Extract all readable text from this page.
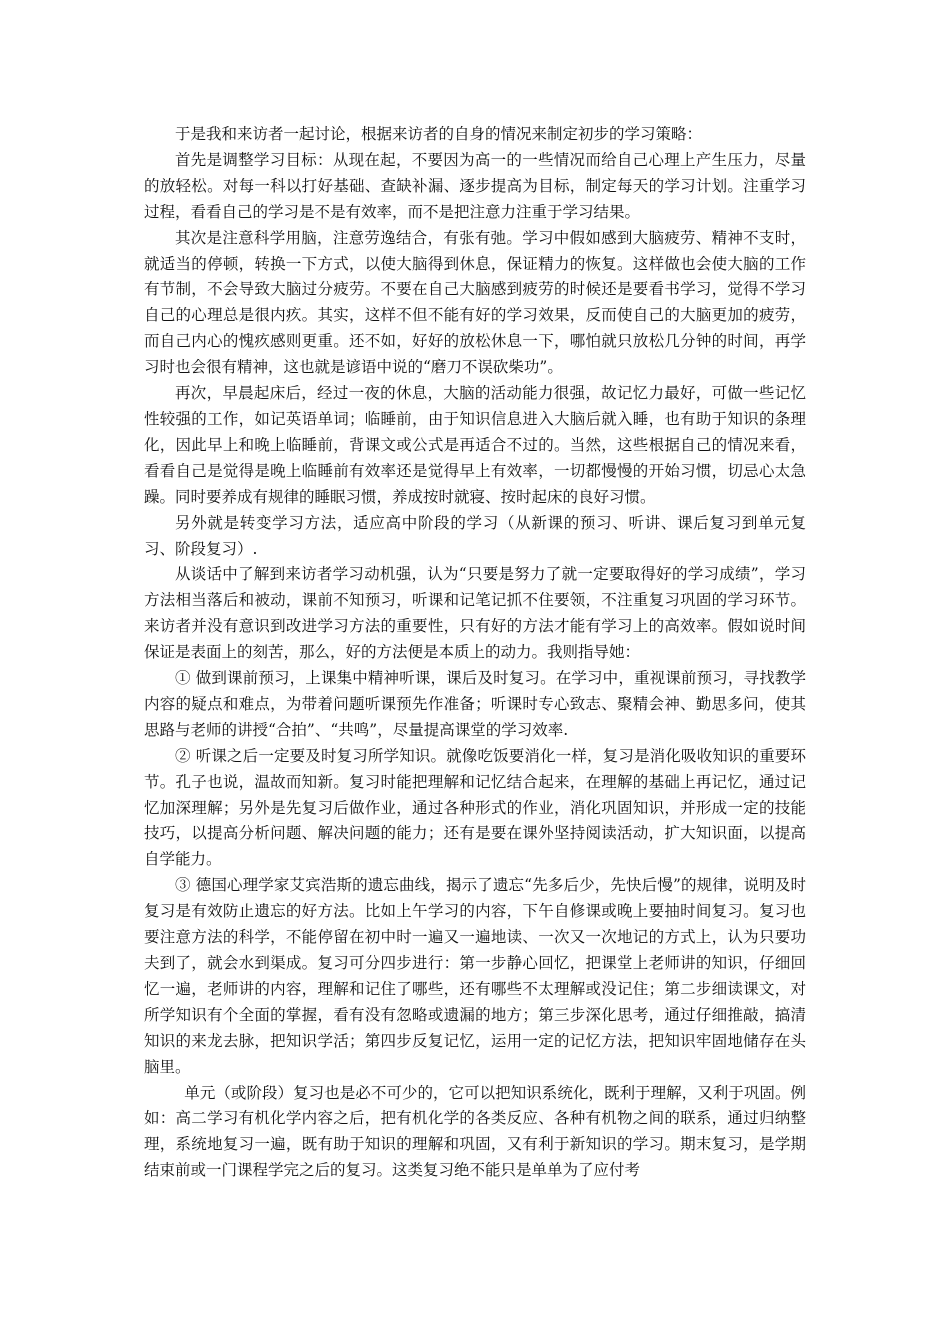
于是我和来访者一起讨论，根据来访者的自身的情况来制定初步的学习策略：

首先是调整学习目标：从现在起，不要因为高一的一些情况而给自己心理上产生压力，尽量的放轻松。对每一科以打好基础、查缺补漏、逐步提高为目标，制定每天的学习计划。注重学习过程，看看自己的学习是不是有效率，而不是把注意力注重于学习结果。

其次是注意科学用脑，注意劳逸结合，有张有弛。学习中假如感到大脑疲劳、精神不支时，就适当的停顿，转换一下方式，以使大脑得到休息，保证精力的恢复。这样做也会使大脑的工作有节制，不会导致大脑过分疲劳。不要在自己大脑感到疲劳的时候还是要看书学习，觉得不学习自己的心理总是很内疚。其实，这样不但不能有好的学习效果，反而使自己的大脑更加的疲劳，而自己内心的愧疚感则更重。还不如，好好的放松休息一下，哪怕就只放松几分钟的时间，再学习时也会很有精神，这也就是谚语中说的“磨刀不误砍柴功”。

再次，早晨起床后，经过一夜的休息，大脑的活动能力很强，故记忆力最好，可做一些记忆性较强的工作，如记英语单词；临睡前，由于知识信息进入大脑后就入睡，也有助于知识的条理化，因此早上和晚上临睡前，背课文或公式是再适合不过的。当然，这些根据自己的情况来看，看看自己是觉得是晚上临睡前有效率还是觉得早上有效率，一切都慢慢的开始习惯，切忌心太急躁。同时要养成有规律的睡眠习惯，养成按时就寝、按时起床的良好习惯。

另外就是转变学习方法，适应高中阶段的学习（从新课的预习、听讲、课后复习到单元复习、阶段复习）.

从谈话中了解到来访者学习动机强，认为“只要是努力了就一定要取得好的学习成绩”，学习方法相当落后和被动，课前不知预习，听课和记笔记抓不住要领，不注重复习巩固的学习环节。来访者并没有意识到改进学习方法的重要性，只有好的方法才能有学习上的高效率。假如说时间保证是表面上的刻苦，那么，好的方法便是本质上的动力。我则指导她：

① 做到课前预习，上课集中精神听课，课后及时复习。在学习中，重视课前预习，寻找教学内容的疑点和难点，为带着问题听课预先作准备；听课时专心致志、聚精会神、勤思多问，使其思路与老师的讲授“合拍”、“共鸣”，尽量提高课堂的学习效率.

② 听课之后一定要及时复习所学知识。就像吃饭要消化一样，复习是消化吸收知识的重要环节。孔子也说，温故而知新。复习时能把理解和记忆结合起来，在理解的基础上再记忆，通过记忆加深理解；另外是先复习后做作业，通过各种形式的作业，消化巩固知识，并形成一定的技能技巧，以提高分析问题、解决问题的能力；还有是要在课外坚持阅读活动，扩大知识面，以提高自学能力。

③ 德国心理学家艾宾浩斯的遗忘曲线，揭示了遗忘“先多后少，先快后慢”的规律，说明及时复习是有效防止遗忘的好方法。比如上午学习的内容，下午自修课或晚上要抽时间复习。复习也要注意方法的科学，不能停留在初中时一遍又一遍地读、一次又一次地记的方式上，认为只要功夫到了，就会水到渠成。复习可分四步进行：第一步静心回忆，把课堂上老师讲的知识，仔细回忆一遍，老师讲的内容，理解和记住了哪些，还有哪些不太理解或没记住；第二步细读课文，对所学知识有个全面的掌握，看有没有忽略或遗漏的地方；第三步深化思考，通过仔细推敲，搞清知识的来龙去脉，把知识学活；第四步反复记忆，运用一定的记忆方法，把知识牢固地储存在头脑里。

单元（或阶段）复习也是必不可少的，它可以把知识系统化，既利于理解，又利于巩固。例如：高二学习有机化学内容之后，把有机化学的各类反应、各种有机物之间的联系，通过归纳整理，系统地复习一遍，既有助于知识的理解和巩固，又有利于新知识的学习。期末复习，是学期结束前或一门课程学完之后的复习。这类复习绝不能只是单单为了应付考
